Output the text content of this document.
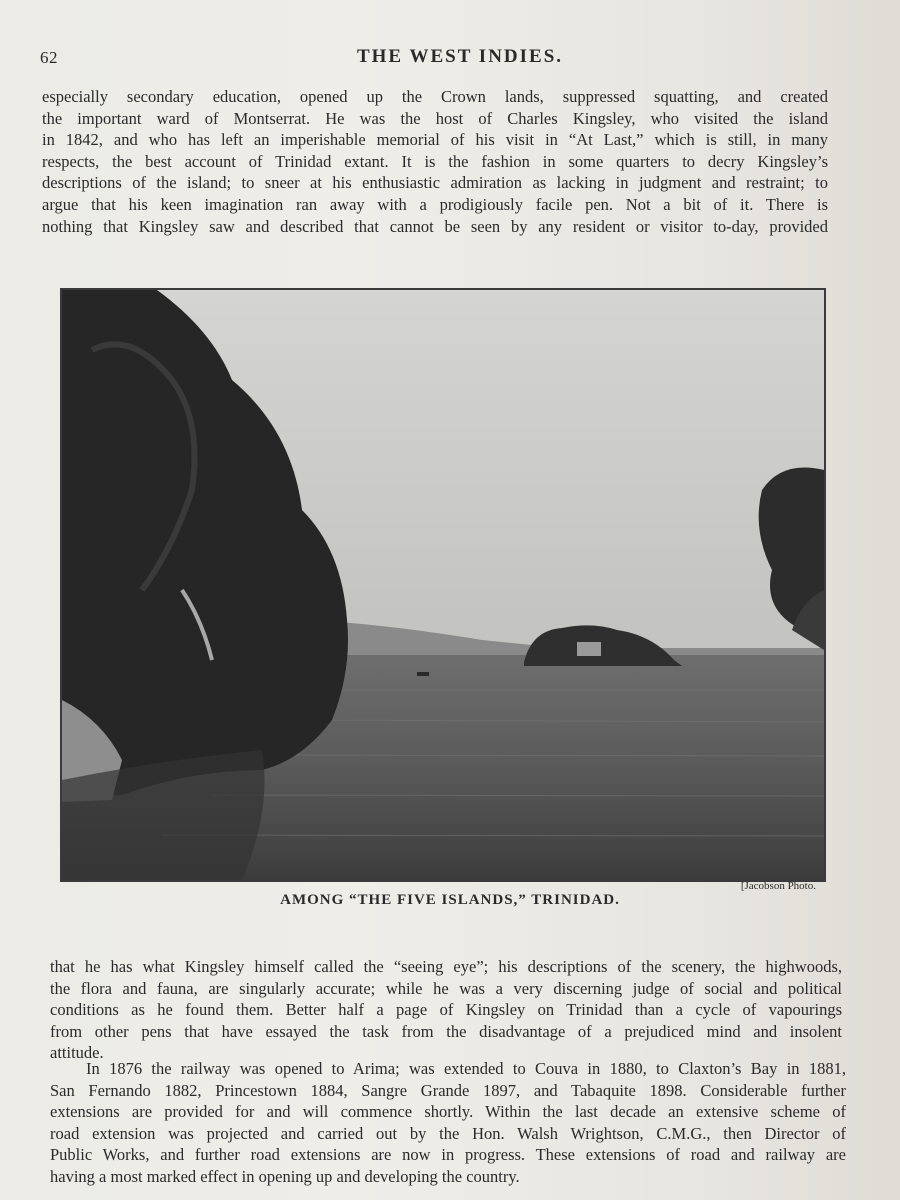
62	THE WEST INDIES.
especially secondary education, opened up the Crown lands, suppressed squatting, and created
the important ward of Montserrat. He was the host of Charles Kingsley, who visited the island
in 1842, and who has left an imperishable memorial of his visit in “At Last,” which is still, in many
respects, the best account of Trinidad extant. It is the fashion in some quarters to decry Kingsley’s
descriptions of the island; to sneer at his enthusiastic admiration as lacking in judgment and restraint; to
argue that his keen imagination ran away with a prodigiously facile pen. Not a bit of it. There is
nothing that Kingsley saw and described that cannot be seen by any resident or visitor to-day, provided
[Jacobson Photo.
AMONG “THE FIVE ISLANDS,” TRINIDAD.
that he has what Kingsley himself called the “seeing eye”; his descriptions of the scenery, the highwoods,
the flora and fauna, are singularly accurate; while he was a very discerning judge of social and political
conditions as he found them. Better half a page of Kingsley on Trinidad than a cycle of vapourings
from other pens that have essayed the task from the disadvantage of a prejudiced mind and insolent
attitude.
In 1876 the railway was opened to Arima; was extended to Couva in 1880, to Claxton’s Bay in 1881,
San Fernando 1882, Princestown 1884, Sangre Grande 1897, and Tabaquite 1898. Considerable further
extensions are provided for and will commence shortly. Within the last decade an extensive scheme of
road extension was projected and carried out by the Hon. Walsh Wrightson, C.M.G., then Director of
Public Works, and further road extensions are now in progress. These extensions of road and railway are
having a most marked effect in opening up and developing the country.
